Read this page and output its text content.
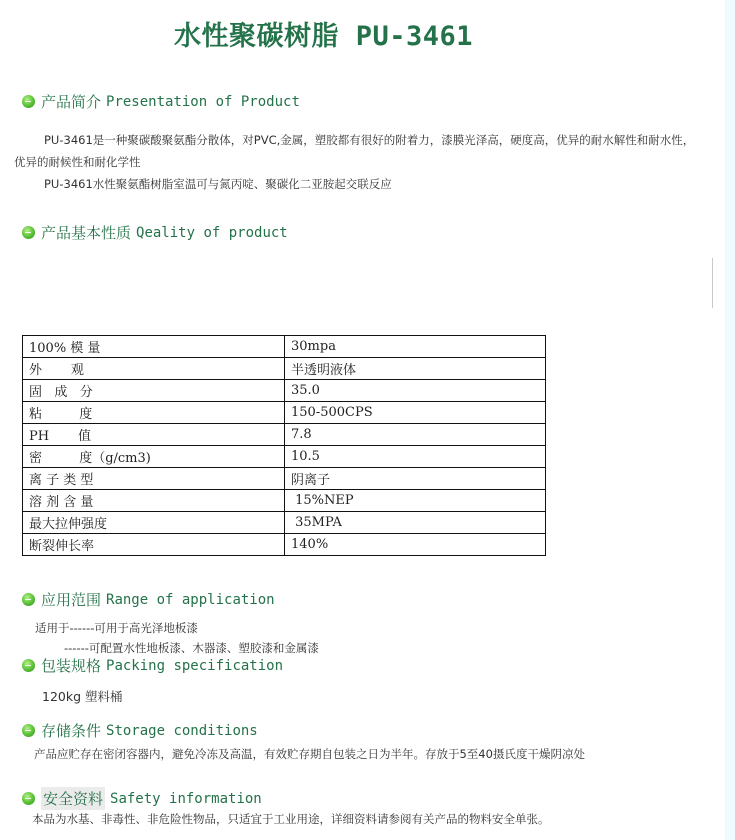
水性聚碳树脂 PU-3461
产品简介 Presentation of Product
PU-3461是一种聚碳酸聚氨酯分散体，对PVC,金属，塑胶都有很好的附着力，漆膜光泽高，硬度高，优异的耐水解性和耐水性，
优异的耐候性和耐化学性
PU-3461水性聚氨酯树脂室温可与氮丙啶、聚碳化二亚胺起交联反应
产品基本性质 Qeality of product
100% 模 量	30mpa
外       观	半透明液体
固   成   分	35.0
粘         度	150-500CPS
PH       值	7.8
密         度（g/cm3)	10.5
离 子 类 型	阴离子
溶 剂 含 量	15%NEP
最大拉伸强度	35MPA
断裂伸长率	140%
应用范围 Range of application
适用于------可用于高光泽地板漆
------可配置水性地板漆、木器漆、塑胶漆和金属漆
包装规格 Packing specification
120kg 塑料桶
存储条件 Storage conditions
产品应贮存在密闭容器内，避免冷冻及高温，有效贮存期自包装之日为半年。存放于5至40摄氏度干燥阴凉处
安全资料 Safety information
本品为水基、非毒性、非危险性物品，只适宜于工业用途，详细资料请参阅有关产品的物料安全单张。
